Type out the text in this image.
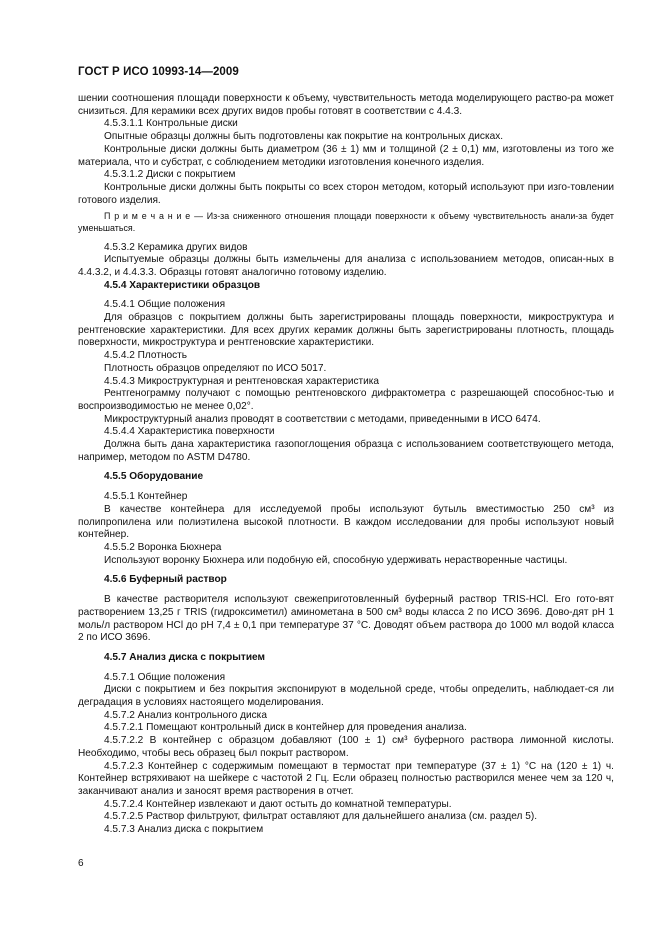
ГОСТ Р ИСО 10993-14—2009

шении соотношения площади поверхности к объему, чувствительность метода моделирующего раство-ра может снизиться. Для керамики всех других видов пробы готовят в соответствии с 4.4.3.

4.5.3.1.1 Контрольные диски

Опытные образцы должны быть подготовлены как покрытие на контрольных дисках.

Контрольные диски должны быть диаметром (36 ± 1) мм и толщиной (2 ± 0,1) мм, изготовлены из того же материала, что и субстрат, с соблюдением методики изготовления конечного изделия.

4.5.3.1.2 Диски с покрытием

Контрольные диски должны быть покрыты со всех сторон методом, который используют при изго-товлении готового изделия.

П р и м е ч а н и е — Из-за сниженного отношения площади поверхности к объему чувствительность анали-за будет уменьшаться.

4.5.3.2 Керамика других видов

Испытуемые образцы должны быть измельчены для анализа с использованием методов, описан-ных в 4.4.3.2, и 4.4.3.3. Образцы готовят аналогично готовому изделию.

4.5.4 Характеристики образцов

4.5.4.1 Общие положения

Для образцов с покрытием должны быть зарегистрированы площадь поверхности, микроструктура и рентгеновские характеристики. Для всех других керамик должны быть зарегистрированы плотность, площадь поверхности, микроструктура и рентгеновские характеристики.

4.5.4.2 Плотность

Плотность образцов определяют по ИСО 5017.

4.5.4.3 Микроструктурная и рентгеновская характеристика

Рентгенограмму получают с помощью рентгеновского дифрактометра с разрешающей способнос-тью и воспроизводимостью не менее 0,02°.

Микроструктурный анализ проводят в соответствии с методами, приведенными в ИСО 6474.

4.5.4.4 Характеристика поверхности

Должна быть дана характеристика газопоглощения образца с использованием соответствующего метода, например, методом по ASTM D4780.

4.5.5 Оборудование

4.5.5.1 Контейнер

В качестве контейнера для исследуемой пробы используют бутыль вместимостью 250 см³ из полипропилена или полиэтилена высокой плотности. В каждом исследовании для пробы используют новый контейнер.

4.5.5.2 Воронка Бюхнера

Используют воронку Бюхнера или подобную ей, способную удерживать нерастворенные частицы.

4.5.6 Буферный раствор

В качестве растворителя используют свежеприготовленный буферный раствор TRIS-HCl. Его гото-вят растворением 13,25 г TRIS (гидроксиметил) аминометана в 500 см³ воды класса 2 по ИСО 3696. Дово-дят рН 1 моль/л раствором HCl до рН 7,4 ± 0,1 при температуре 37 °С. Доводят объем раствора до 1000 мл водой класса 2 по ИСО 3696.

4.5.7 Анализ диска с покрытием

4.5.7.1 Общие положения

Диски с покрытием и без покрытия экспонируют в модельной среде, чтобы определить, наблюдает-ся ли деградация в условиях настоящего моделирования.

4.5.7.2 Анализ контрольного диска

4.5.7.2.1 Помещают контрольный диск в контейнер для проведения анализа.

4.5.7.2.2 В контейнер с образцом добавляют (100 ± 1) см³ буферного раствора лимонной кислоты. Необходимо, чтобы весь образец был покрыт раствором.

4.5.7.2.3 Контейнер с содержимым помещают в термостат при температуре (37 ± 1) °С на (120 ± 1) ч. Контейнер встряхивают на шейкере с частотой 2 Гц. Если образец полностью растворился менее чем за 120 ч, заканчивают анализ и заносят время растворения в отчет.

4.5.7.2.4 Контейнер извлекают и дают остыть до комнатной температуры.

4.5.7.2.5 Раствор фильтруют, фильтрат оставляют для дальнейшего анализа (см. раздел 5).

4.5.7.3 Анализ диска с покрытием

6
